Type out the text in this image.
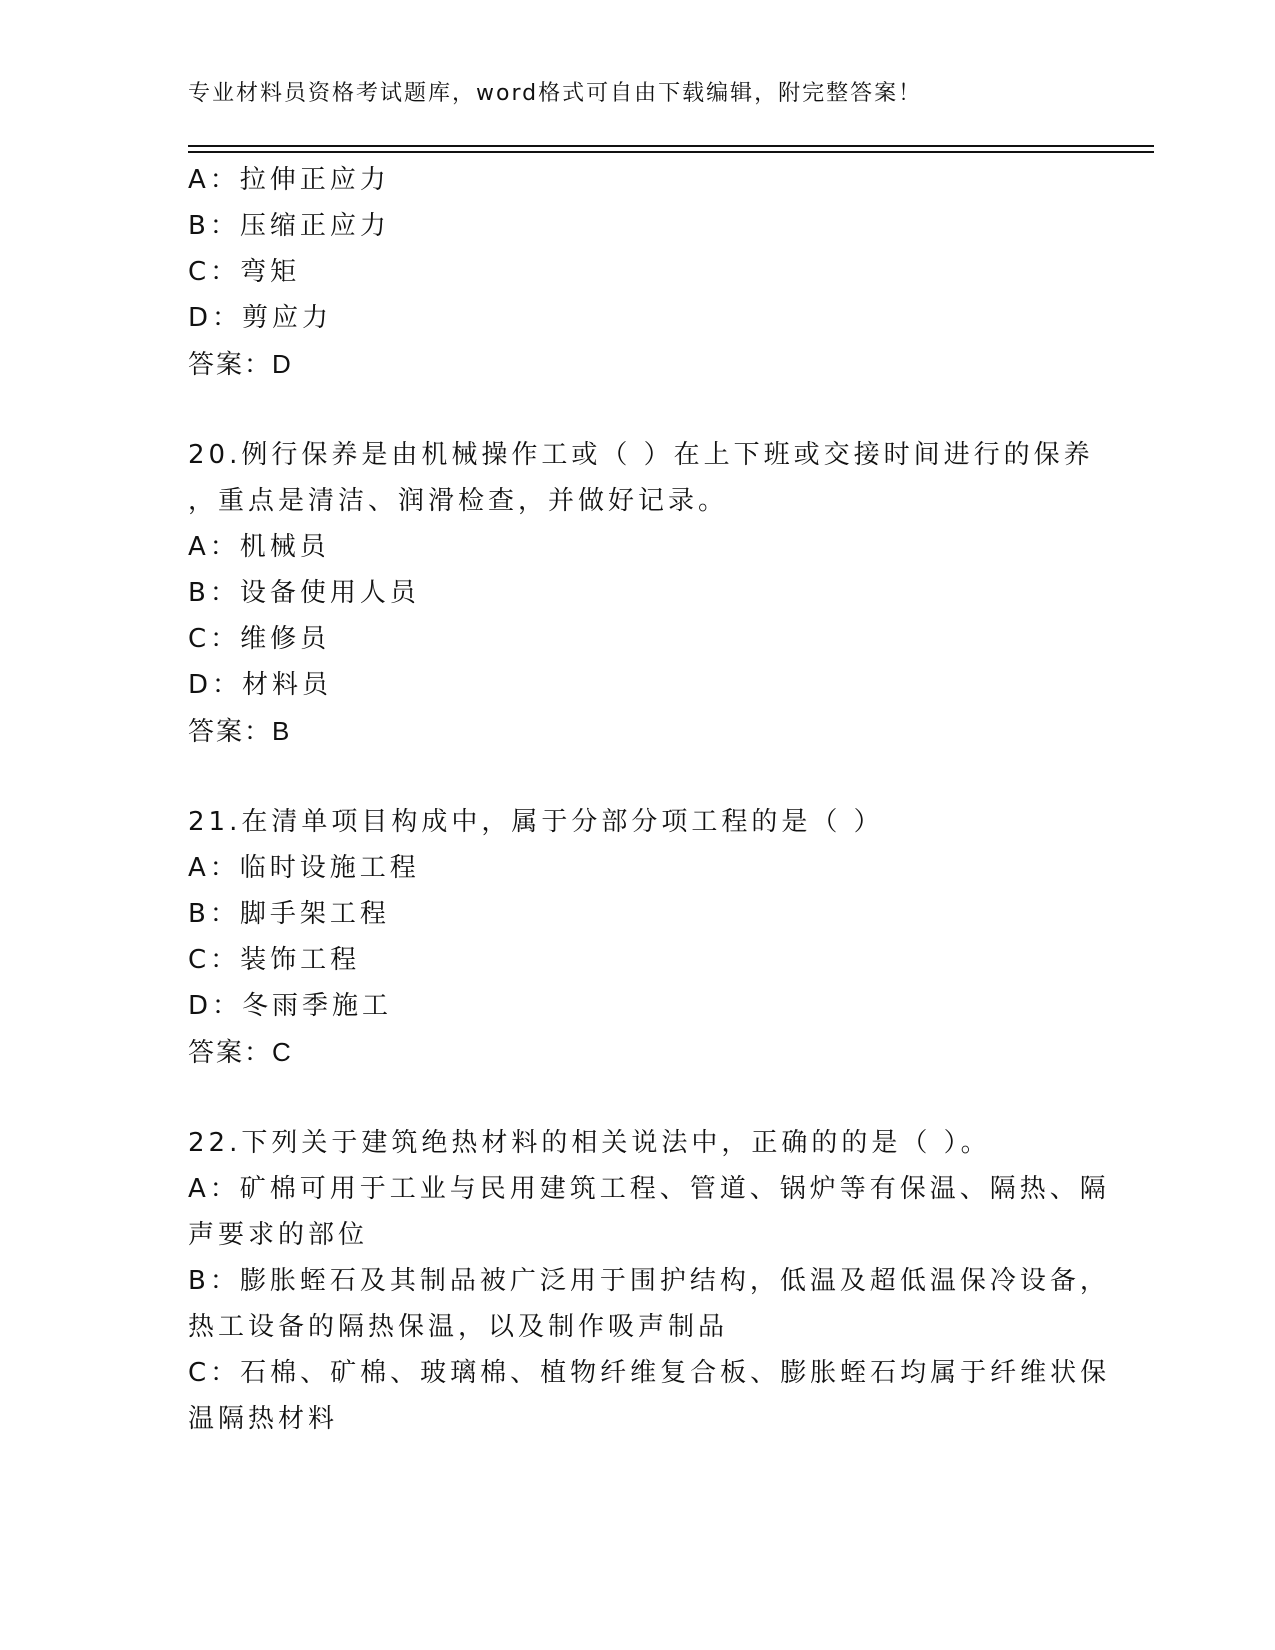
专业材料员资格考试题库，word格式可自由下载编辑，附完整答案！
A：拉伸正应力
B：压缩正应力
C：弯矩
D：剪应力
答案：D
20.例行保养是由机械操作工或（ ）在上下班或交接时间进行的保养
，重点是清洁、润滑检查，并做好记录。
A：机械员
B：设备使用人员
C：维修员
D：材料员
答案：B
21.在清单项目构成中，属于分部分项工程的是（ ）
A：临时设施工程
B：脚手架工程
C：装饰工程
D：冬雨季施工
答案：C
22.下列关于建筑绝热材料的相关说法中，正确的的是（ ）。
A：矿棉可用于工业与民用建筑工程、管道、锅炉等有保温、隔热、隔
声要求的部位
B：膨胀蛭石及其制品被广泛用于围护结构，低温及超低温保冷设备，
热工设备的隔热保温，以及制作吸声制品
C：石棉、矿棉、玻璃棉、植物纤维复合板、膨胀蛭石均属于纤维状保
温隔热材料
